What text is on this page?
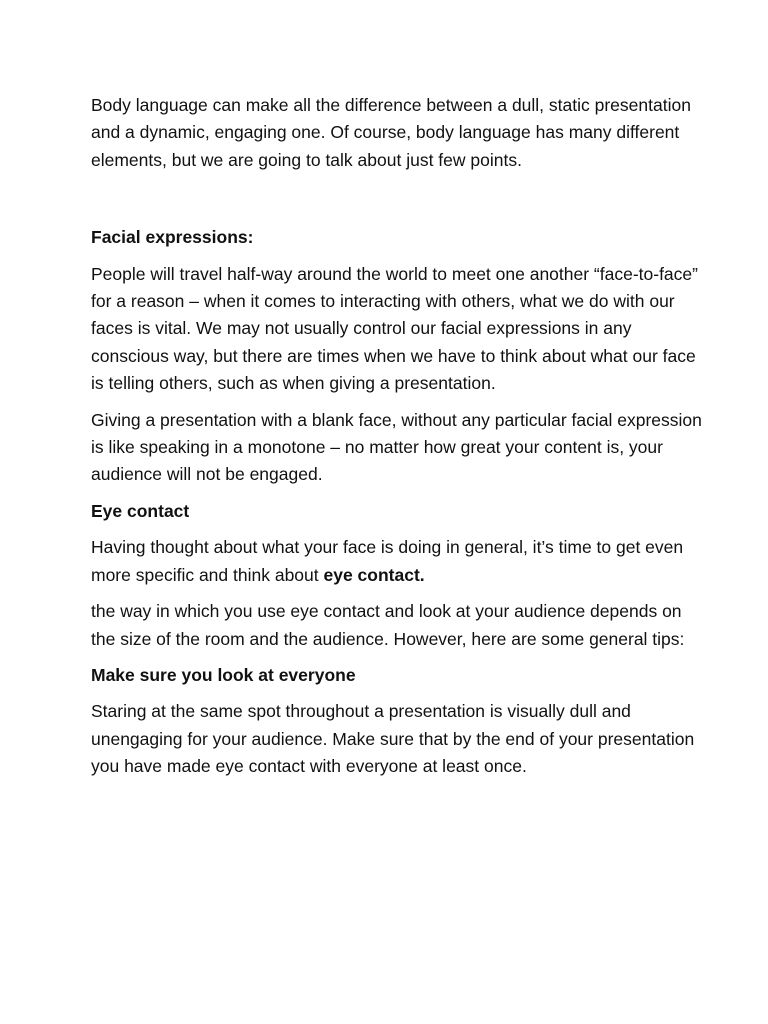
Body language can make all the difference between a dull, static presentation and a dynamic, engaging one. Of course, body language has many different elements, but we are going to talk about just few points.

Facial expressions:

People will travel half-way around the world to meet one another “face-to-face” for a reason – when it comes to interacting with others, what we do with our faces is vital. We may not usually control our facial expressions in any conscious way, but there are times when we have to think about what our face is telling others, such as when giving a presentation.

Giving a presentation with a blank face, without any particular facial expression is like speaking in a monotone – no matter how great your content is, your audience will not be engaged.

Eye contact

Having thought about what your face is doing in general, it’s time to get even more specific and think about eye contact.

the way in which you use eye contact and look at your audience depends on the size of the room and the audience. However, here are some general tips:

Make sure you look at everyone

Staring at the same spot throughout a presentation is visually dull and unengaging for your audience. Make sure that by the end of your presentation you have made eye contact with everyone at least once.
